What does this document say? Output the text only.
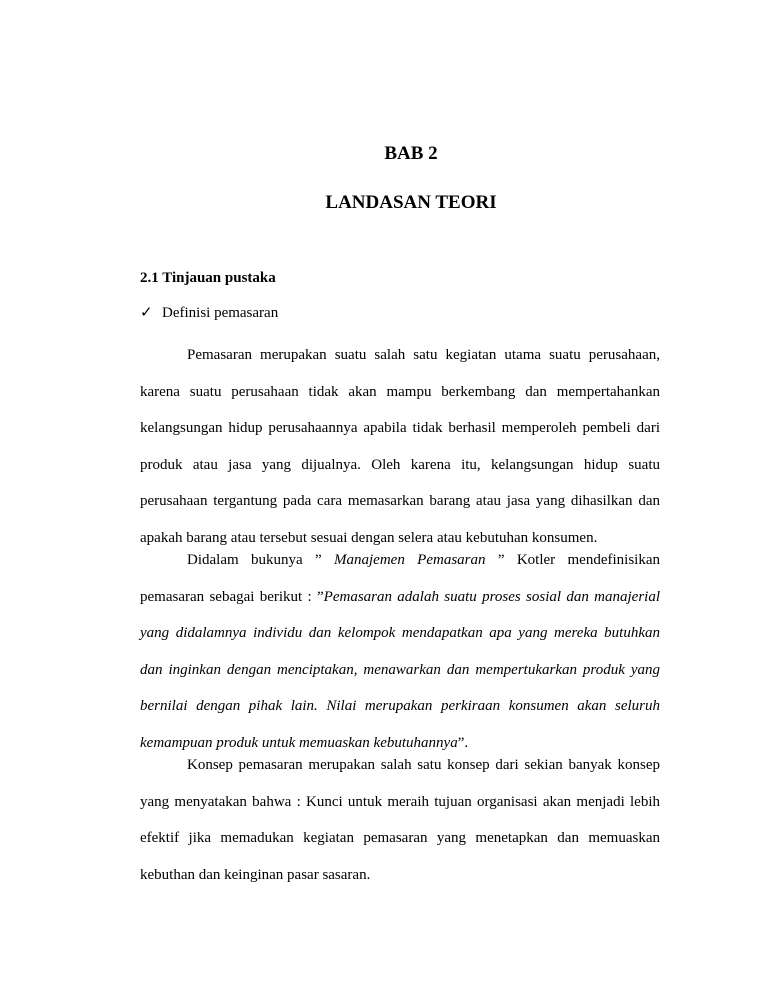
BAB 2
LANDASAN TEORI
2.1 Tinjauan pustaka
✓ Definisi pemasaran
Pemasaran merupakan suatu salah satu kegiatan utama suatu perusahaan, karena suatu perusahaan tidak akan mampu berkembang dan mempertahankan kelangsungan hidup perusahaannya apabila tidak berhasil memperoleh pembeli dari produk atau jasa yang dijualnya. Oleh karena itu, kelangsungan hidup suatu perusahaan tergantung pada cara memasarkan barang atau jasa yang dihasilkan dan apakah barang atau tersebut sesuai dengan selera atau kebutuhan konsumen.
Didalam bukunya ” Manajemen Pemasaran ” Kotler mendefinisikan pemasaran sebagai berikut : ”Pemasaran adalah suatu proses sosial dan manajerial yang didalamnya individu dan kelompok mendapatkan apa yang mereka butuhkan dan inginkan dengan menciptakan, menawarkan dan mempertukarkan produk yang bernilai dengan pihak lain. Nilai merupakan perkiraan konsumen akan seluruh kemampuan produk untuk memuaskan kebutuhannya”.
Konsep pemasaran merupakan salah satu konsep dari sekian banyak konsep yang menyatakan bahwa : Kunci untuk meraih tujuan organisasi akan menjadi lebih efektif jika memadukan kegiatan pemasaran yang menetapkan dan memuaskan kebuthan dan keinginan pasar sasaran.
